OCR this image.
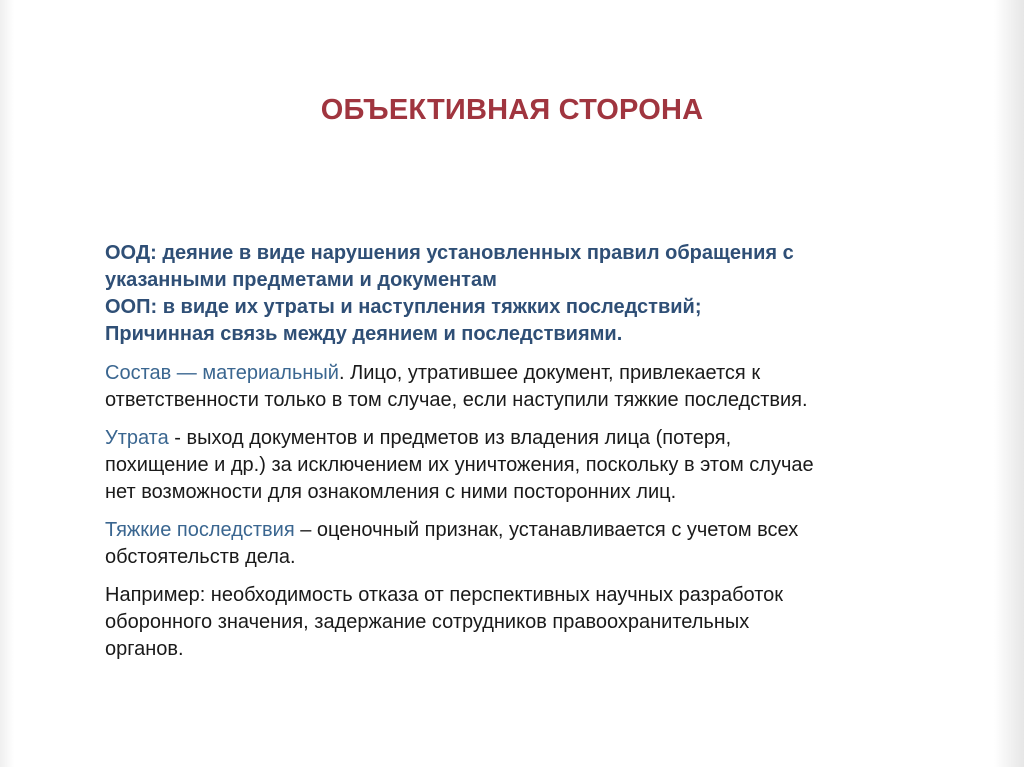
ОБЪЕКТИВНАЯ СТОРОНА
ООД: деяние в виде нарушения установленных правил обращения с
указанными предметами и документам
ООП: в виде их утраты и наступления тяжких последствий;
Причинная связь между деянием и последствиями.
Состав — материальный. Лицо, утратившее документ, привлекается к
ответственности только в том случае, если наступили тяжкие последствия.
Утрата - выход документов и предметов из владения лица (потеря,
похищение и др.) за исключением их уничтожения, поскольку в этом случае
нет возможности для ознакомления с ними посторонних лиц.
Тяжкие последствия – оценочный признак, устанавливается с учетом всех
обстоятельств дела.
Например: необходимость отказа от перспективных научных разработок
оборонного значения, задержание сотрудников правоохранительных
органов.
